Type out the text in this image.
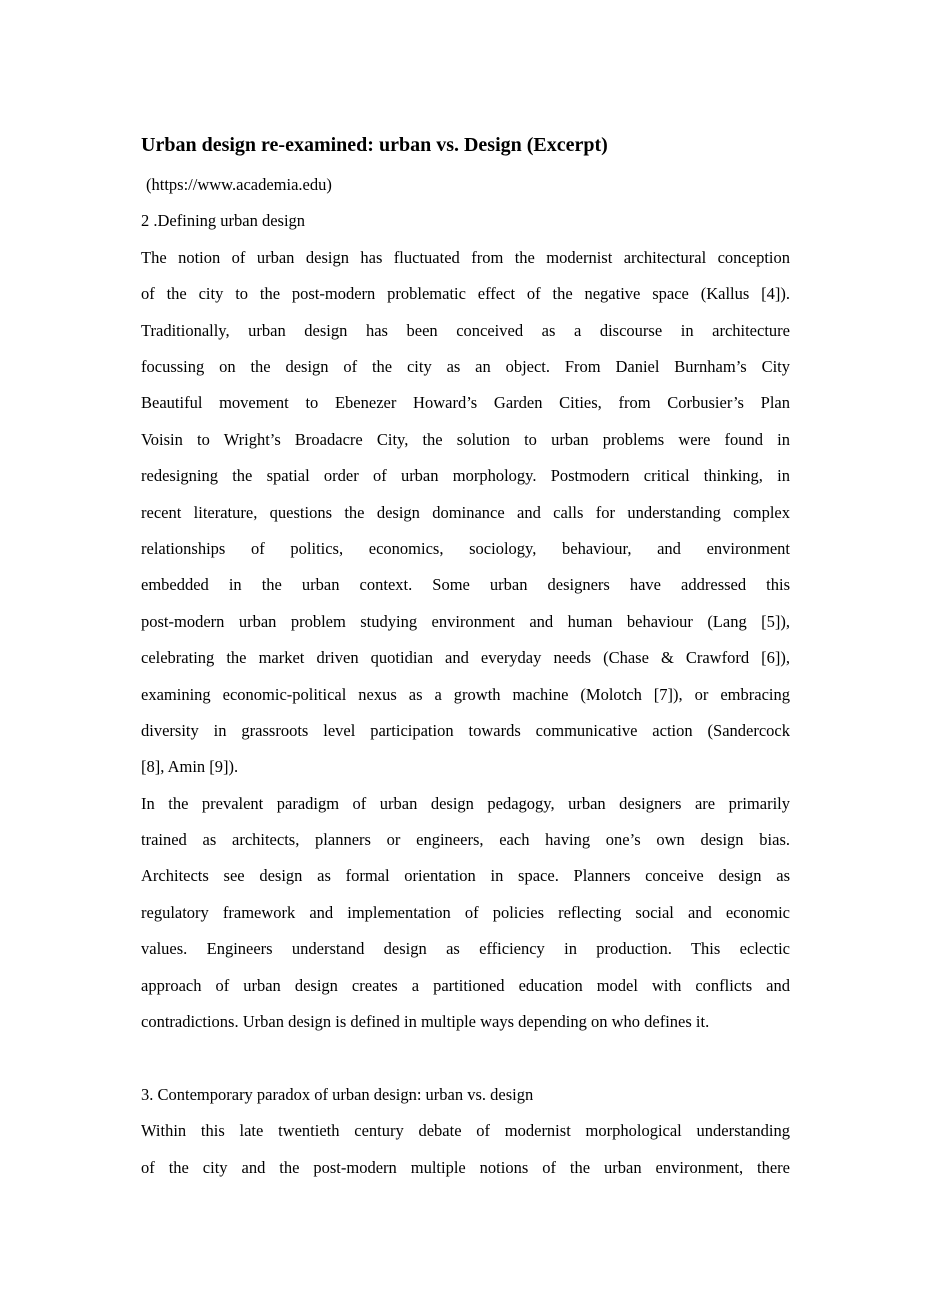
Urban design re-examined: urban vs. Design (Excerpt)

(https://www.academia.edu)

2 .Defining urban design

The notion of urban design has fluctuated from the modernist architectural conception
of the city to the post-modern problematic effect of the negative space (Kallus [4]).
Traditionally, urban design has been conceived as a discourse in architecture
focussing on the design of the city as an object. From Daniel Burnham’s City
Beautiful movement to Ebenezer Howard’s Garden Cities, from Corbusier’s Plan
Voisin to Wright’s Broadacre City, the solution to urban problems were found in
redesigning the spatial order of urban morphology. Postmodern critical thinking, in
recent literature, questions the design dominance and calls for understanding complex
relationships of politics, economics, sociology, behaviour, and environment
embedded in the urban context. Some urban designers have addressed this
post-modern urban problem studying environment and human behaviour (Lang [5]),
celebrating the market driven quotidian and everyday needs (Chase & Crawford [6]),
examining economic-political nexus as a growth machine (Molotch [7]), or embracing
diversity in grassroots level participation towards communicative action (Sandercock
[8], Amin [9]).
In the prevalent paradigm of urban design pedagogy, urban designers are primarily
trained as architects, planners or engineers, each having one’s own design bias.
Architects see design as formal orientation in space. Planners conceive design as
regulatory framework and implementation of policies reflecting social and economic
values. Engineers understand design as efficiency in production. This eclectic
approach of urban design creates a partitioned education model with conflicts and
contradictions. Urban design is defined in multiple ways depending on who defines it.

3. Contemporary paradox of urban design: urban vs. design

Within this late twentieth century debate of modernist morphological understanding
of the city and the post-modern multiple notions of the urban environment, there
